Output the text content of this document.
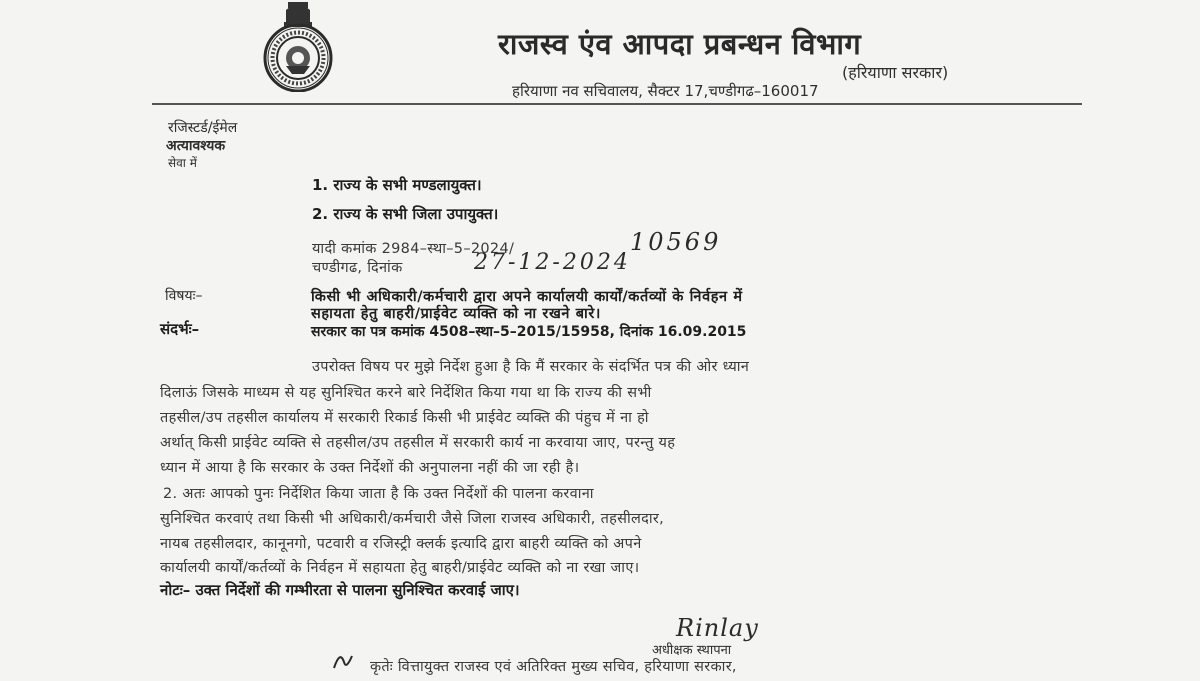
राजस्व एंव आपदा प्रबन्धन विभाग
(हरियाणा सरकार)
हरियाणा नव सचिवालय, सैक्टर 17,चण्डीगढ–160017
रजिस्टर्ड/ईमेल
अत्यावश्यक
सेवा में
1. राज्य के सभी मण्डलायुक्त।
2. राज्य के सभी जिला उपायुक्त।
यादी कमांक 2984–स्था–5–2024/	10569
चण्डीगढ, दिनांक	27-12-2024
विषयः–	किसी भी अधिकारी/कर्मचारी द्वारा अपने कार्यालयी कार्यों/कर्तव्यों के निर्वहन में
सहायता हेतु बाहरी/प्राईवेट व्यक्ति को ना रखने बारे।
संदर्भः–	सरकार का पत्र कमांक 4508–स्था–5–2015/15958, दिनांक 16.09.2015
उपरोक्त विषय पर मुझे निर्देश हुआ है कि मैं सरकार के संदर्भित पत्र की ओर ध्यान
दिलाऊं जिसके माध्यम से यह सुनिश्चित करने बारे निर्देशित किया गया था कि राज्य की सभी
तहसील/उप तहसील कार्यालय में सरकारी रिकार्ड किसी भी प्राईवेट व्यक्ति की पंहुच में ना हो
अर्थात् किसी प्राईवेट व्यक्ति से तहसील/उप तहसील में सरकारी कार्य ना करवाया जाए, परन्तु यह
ध्यान में आया है कि सरकार के उक्त निर्देशों की अनुपालना नहीं की जा रही है।
2. अतः आपको पुनः निर्देशित किया जाता है कि उक्त निर्देशों की पालना करवाना
सुनिश्चित करवाएं तथा किसी भी अधिकारी/कर्मचारी जैसे जिला राजस्व अधिकारी, तहसीलदार,
नायब तहसीलदार, कानूनगो, पटवारी व रजिस्ट्री क्लर्क इत्यादि द्वारा बाहरी व्यक्ति को अपने
कार्यालयी कार्यों/कर्तव्यों के निर्वहन में सहायता हेतु बाहरी/प्राईवेट व्यक्ति को ना रखा जाए।
नोटः– उक्त निर्देशों की गम्भीरता से पालना सुनिश्चित करवाई जाए।
Rinlay
अधीक्षक स्थापना
कृतेः वित्तायुक्त राजस्व एवं अतिरिक्त मुख्य सचिव, हरियाणा सरकार,
